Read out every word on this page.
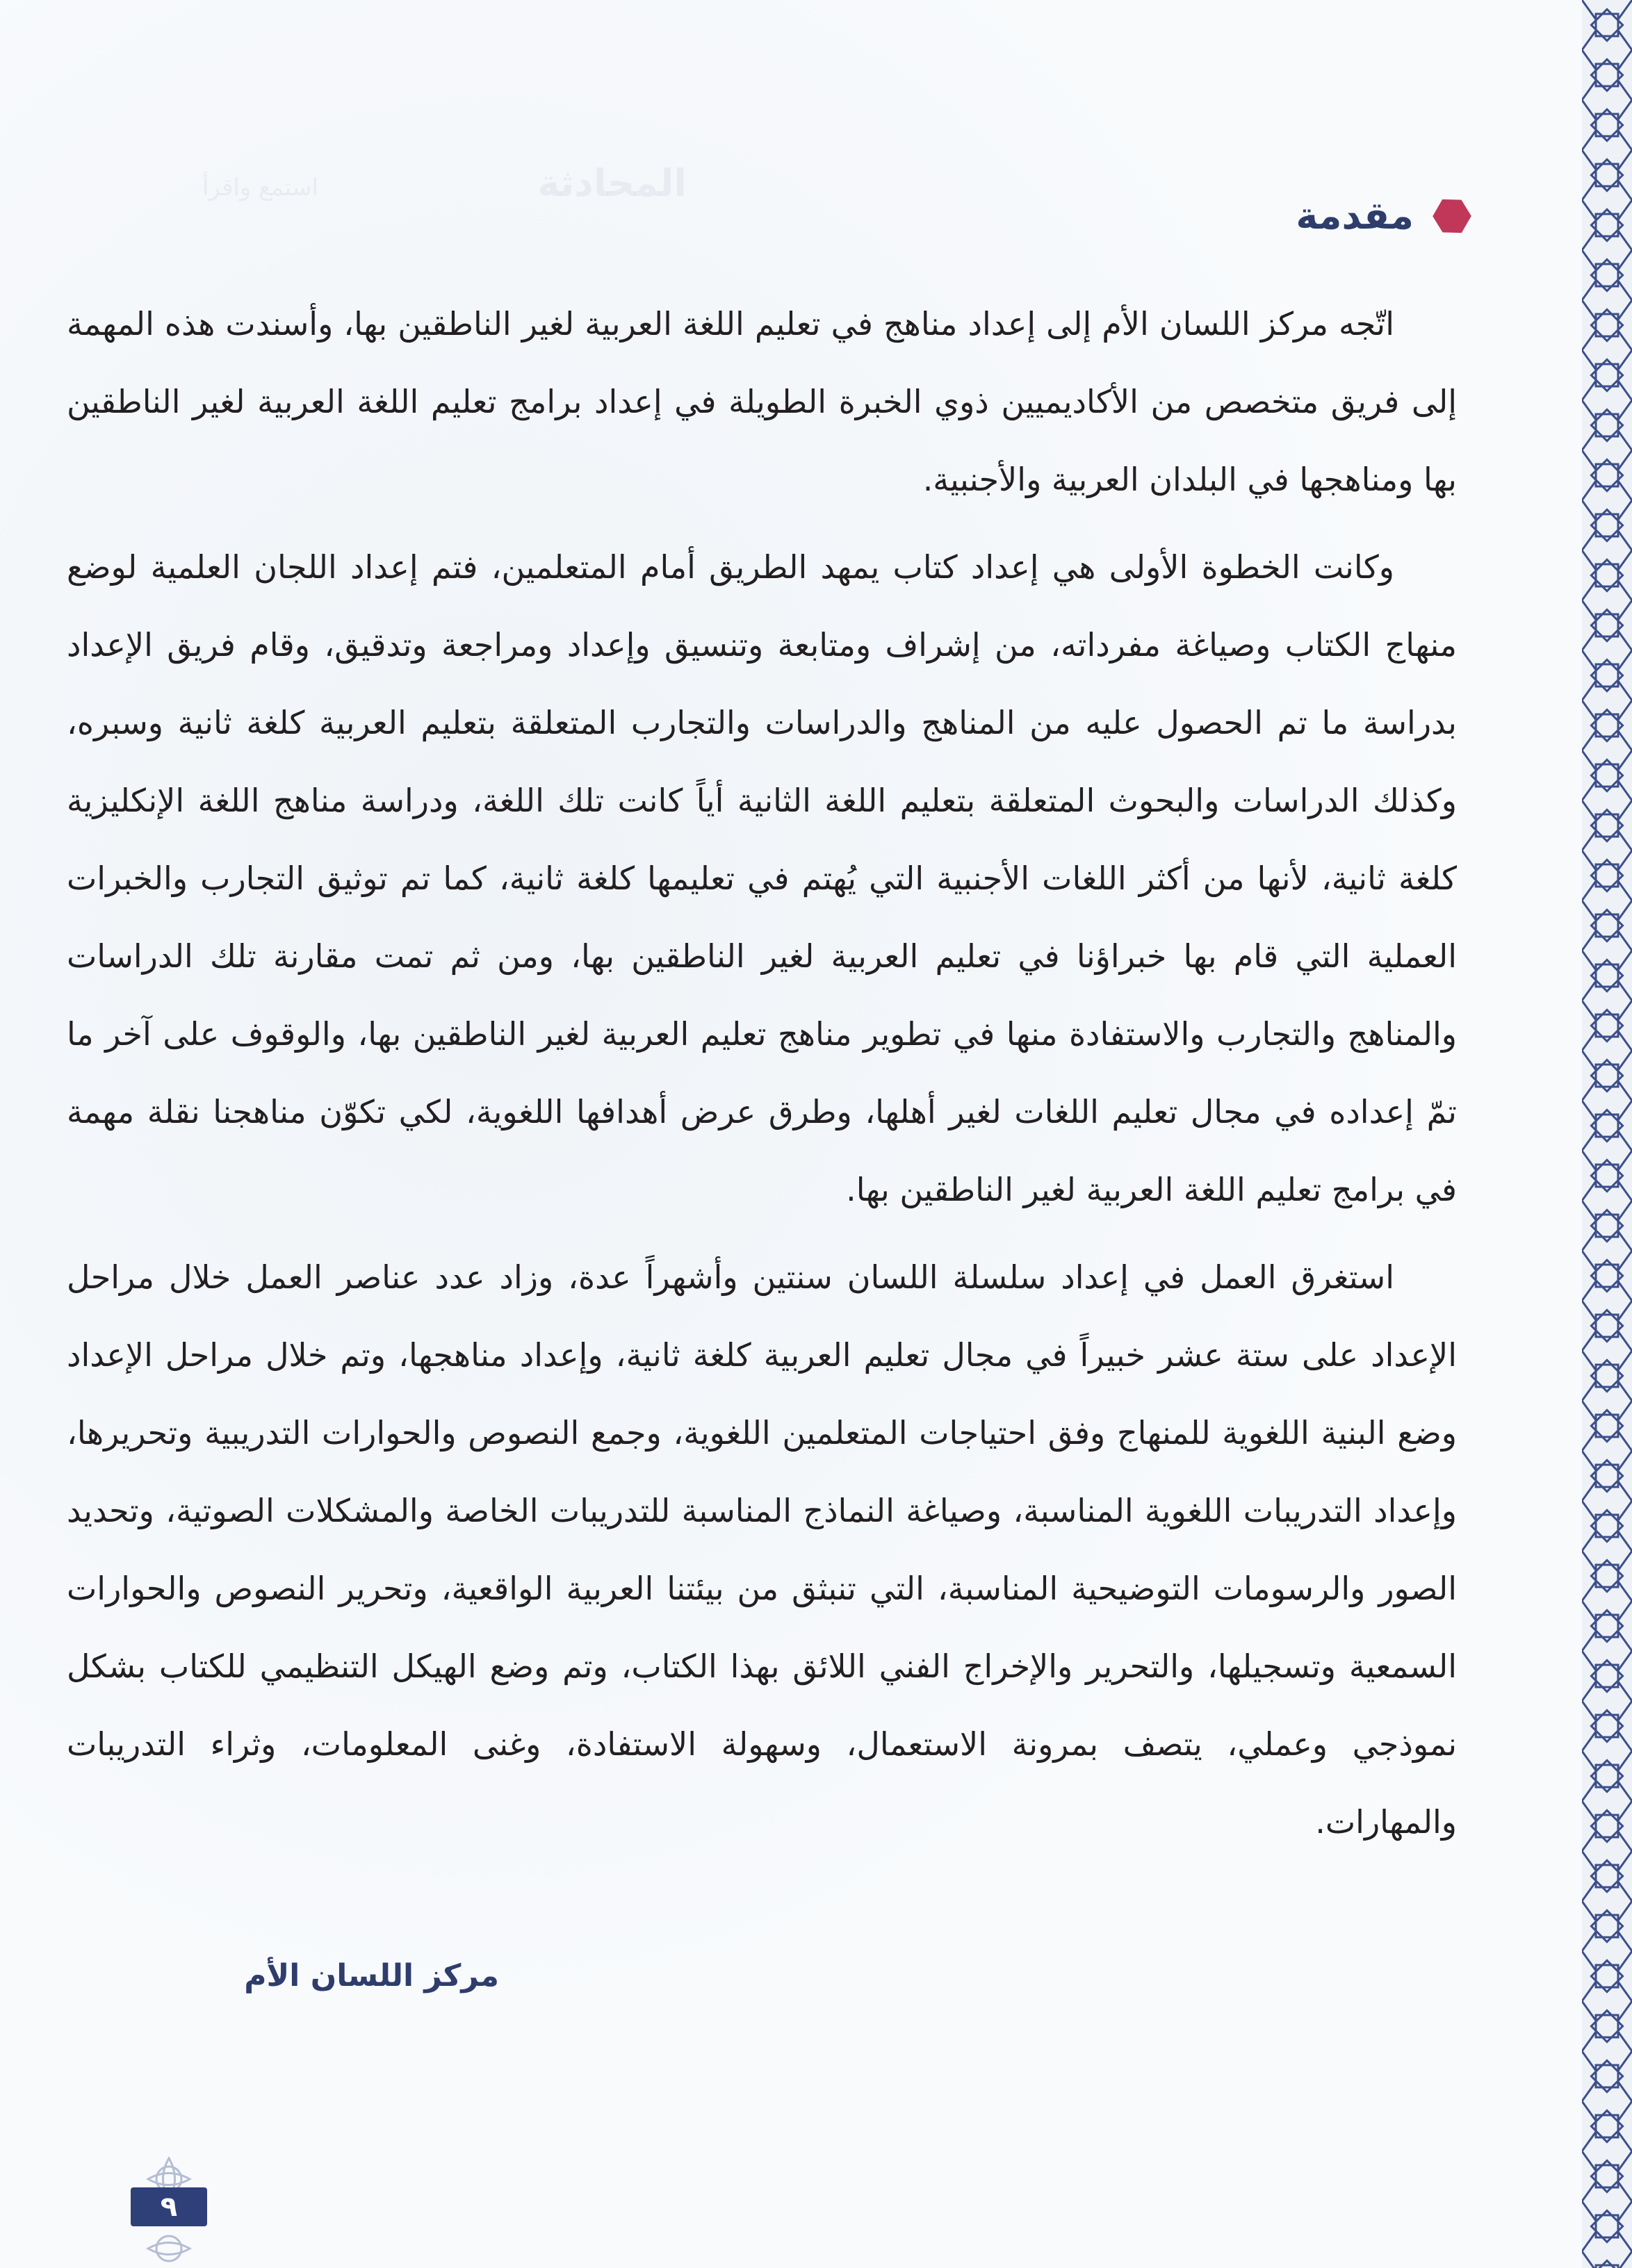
المحادثة
استمع واقرأ
مقدمة

اتّجه مركز اللسان الأم إلى إعداد مناهج في تعليم اللغة العربية لغير الناطقين بها، وأسندت هذه المهمة إلى فريق متخصص من الأكاديميين ذوي الخبرة الطويلة في إعداد برامج تعليم اللغة العربية لغير الناطقين بها ومناهجها في البلدان العربية والأجنبية.

وكانت الخطوة الأولى هي إعداد كتاب يمهد الطريق أمام المتعلمين، فتم إعداد اللجان العلمية لوضع منهاج الكتاب وصياغة مفرداته، من إشراف ومتابعة وتنسيق وإعداد ومراجعة وتدقيق، وقام فريق الإعداد بدراسة ما تم الحصول عليه من المناهج والدراسات والتجارب المتعلقة بتعليم العربية كلغة ثانية وسبره، وكذلك الدراسات والبحوث المتعلقة بتعليم اللغة الثانية أياً كانت تلك اللغة، ودراسة مناهج اللغة الإنكليزية كلغة ثانية، لأنها من أكثر اللغات الأجنبية التي يُهتم في تعليمها كلغة ثانية، كما تم توثيق التجارب والخبرات العملية التي قام بها خبراؤنا في تعليم العربية لغير الناطقين بها، ومن ثم تمت مقارنة تلك الدراسات والمناهج والتجارب والاستفادة منها في تطوير مناهج تعليم العربية لغير الناطقين بها، والوقوف على آخر ما تمّ إعداده في مجال تعليم اللغات لغير أهلها، وطرق عرض أهدافها اللغوية، لكي تكوّن مناهجنا نقلة مهمة في برامج تعليم اللغة العربية لغير الناطقين بها.

استغرق العمل في إعداد سلسلة اللسان سنتين وأشهراً عدة، وزاد عدد عناصر العمل خلال مراحل الإعداد على ستة عشر خبيراً في مجال تعليم العربية كلغة ثانية، وإعداد مناهجها، وتم خلال مراحل الإعداد وضع البنية اللغوية للمنهاج وفق احتياجات المتعلمين اللغوية، وجمع النصوص والحوارات التدريبية وتحريرها، وإعداد التدريبات اللغوية المناسبة، وصياغة النماذج المناسبة للتدريبات الخاصة والمشكلات الصوتية، وتحديد الصور والرسومات التوضيحية المناسبة، التي تنبثق من بيئتنا العربية الواقعية، وتحرير النصوص والحوارات السمعية وتسجيلها، والتحرير والإخراج الفني اللائق بهذا الكتاب، وتم وضع الهيكل التنظيمي للكتاب بشكل نموذجي وعملي، يتصف بمرونة الاستعمال، وسهولة الاستفادة، وغنى المعلومات، وثراء التدريبات والمهارات.

مركز اللسان الأم
٩
